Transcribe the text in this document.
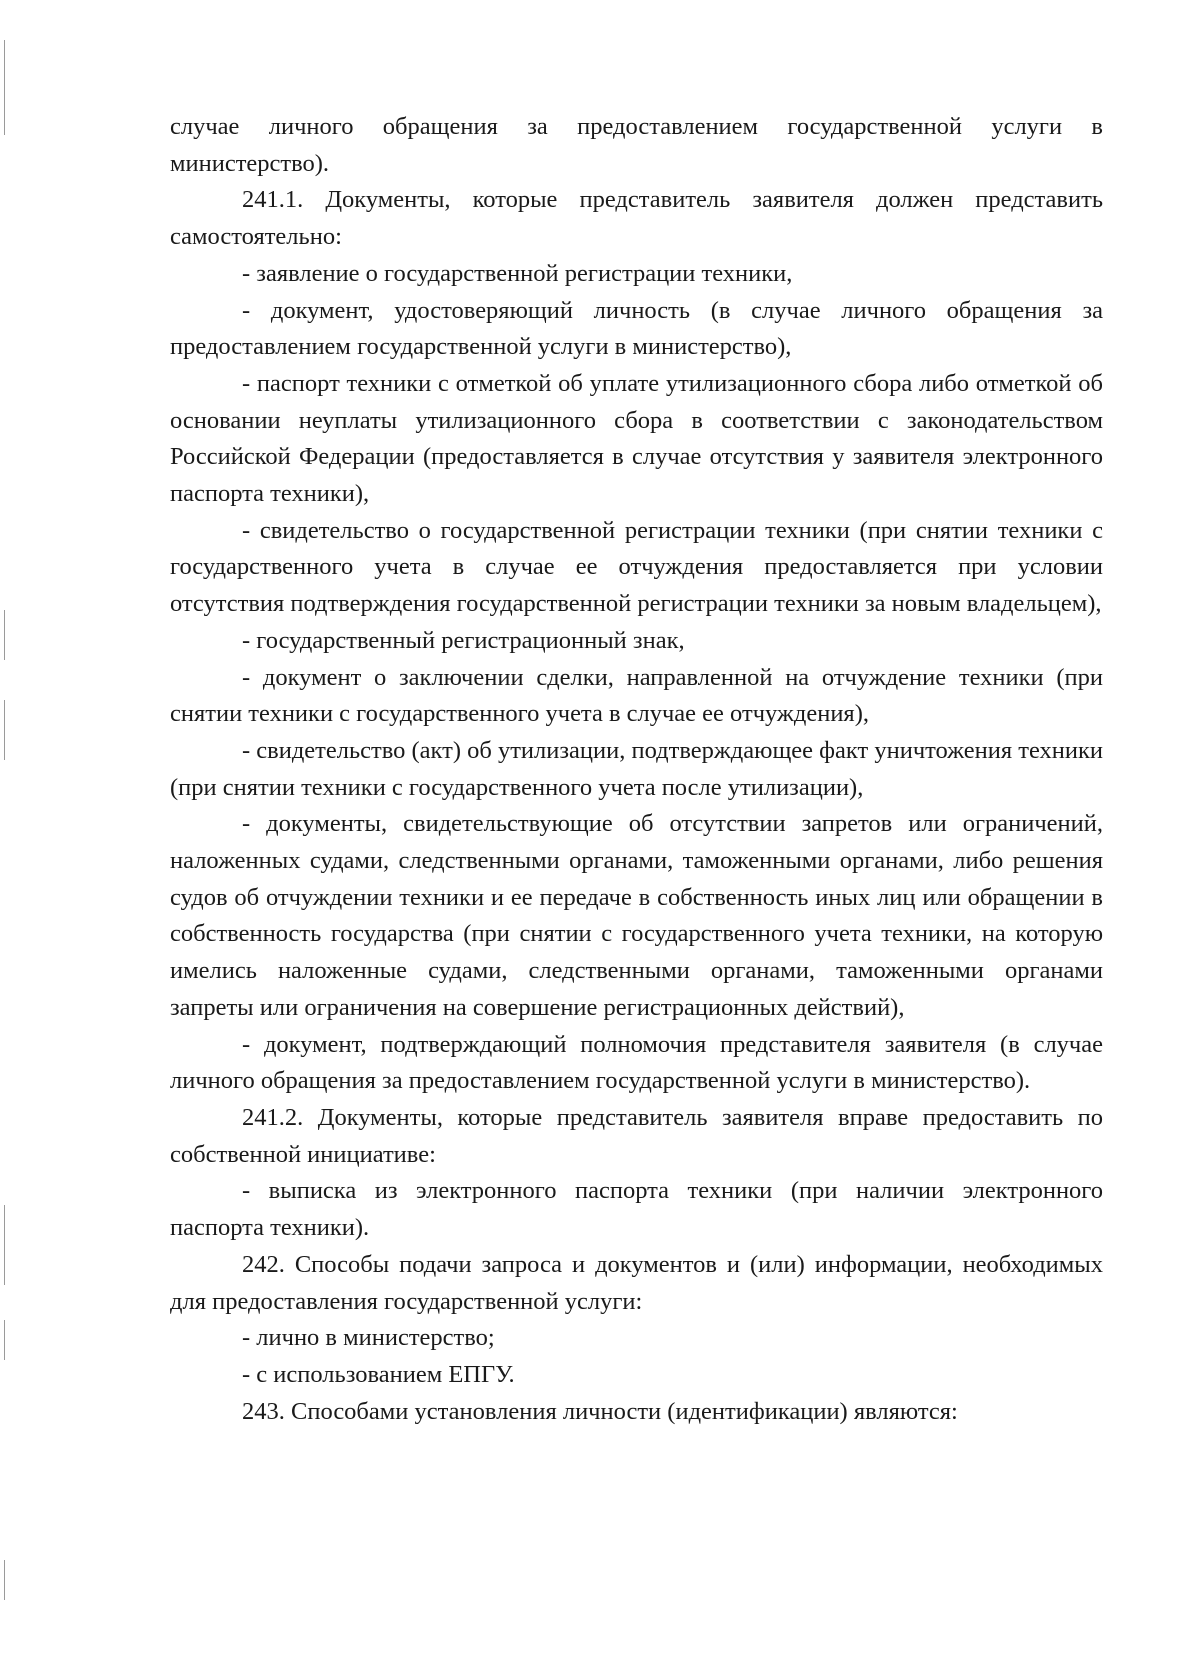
случае личного обращения за предоставлением государственной услуги в министерство).

241.1. Документы, которые представитель заявителя должен представить самостоятельно:

- заявление о государственной регистрации техники,

- документ, удостоверяющий личность (в случае личного обращения за предоставлением государственной услуги в министерство),

- паспорт техники с отметкой об уплате утилизационного сбора либо отметкой об основании неуплаты утилизационного сбора в соответствии с законодательством Российской Федерации (предоставляется в случае отсутствия у заявителя электронного паспорта техники),

- свидетельство о государственной регистрации техники (при снятии техники с государственного учета в случае ее отчуждения предоставляется при условии отсутствия подтверждения государственной регистрации техники за новым владельцем),

- государственный регистрационный знак,

- документ о заключении сделки, направленной на отчуждение техники (при снятии техники с государственного учета в случае ее отчуждения),

- свидетельство (акт) об утилизации, подтверждающее факт уничтожения техники (при снятии техники с государственного учета после утилизации),

- документы, свидетельствующие об отсутствии запретов или ограничений, наложенных судами, следственными органами, таможенными органами, либо решения судов об отчуждении техники и ее передаче в собственность иных лиц или обращении в собственность государства (при снятии с государственного учета техники, на которую имелись наложенные судами, следственными органами, таможенными органами запреты или ограничения на совершение регистрационных действий),

- документ, подтверждающий полномочия представителя заявителя (в случае личного обращения за предоставлением государственной услуги в министерство).

241.2. Документы, которые представитель заявителя вправе предоставить по собственной инициативе:

- выписка из электронного паспорта техники (при наличии электронного паспорта техники).

242. Способы подачи запроса и документов и (или) информации, необходимых для предоставления государственной услуги:

- лично в министерство;

- с использованием ЕПГУ.

243. Способами установления личности (идентификации) являются:
